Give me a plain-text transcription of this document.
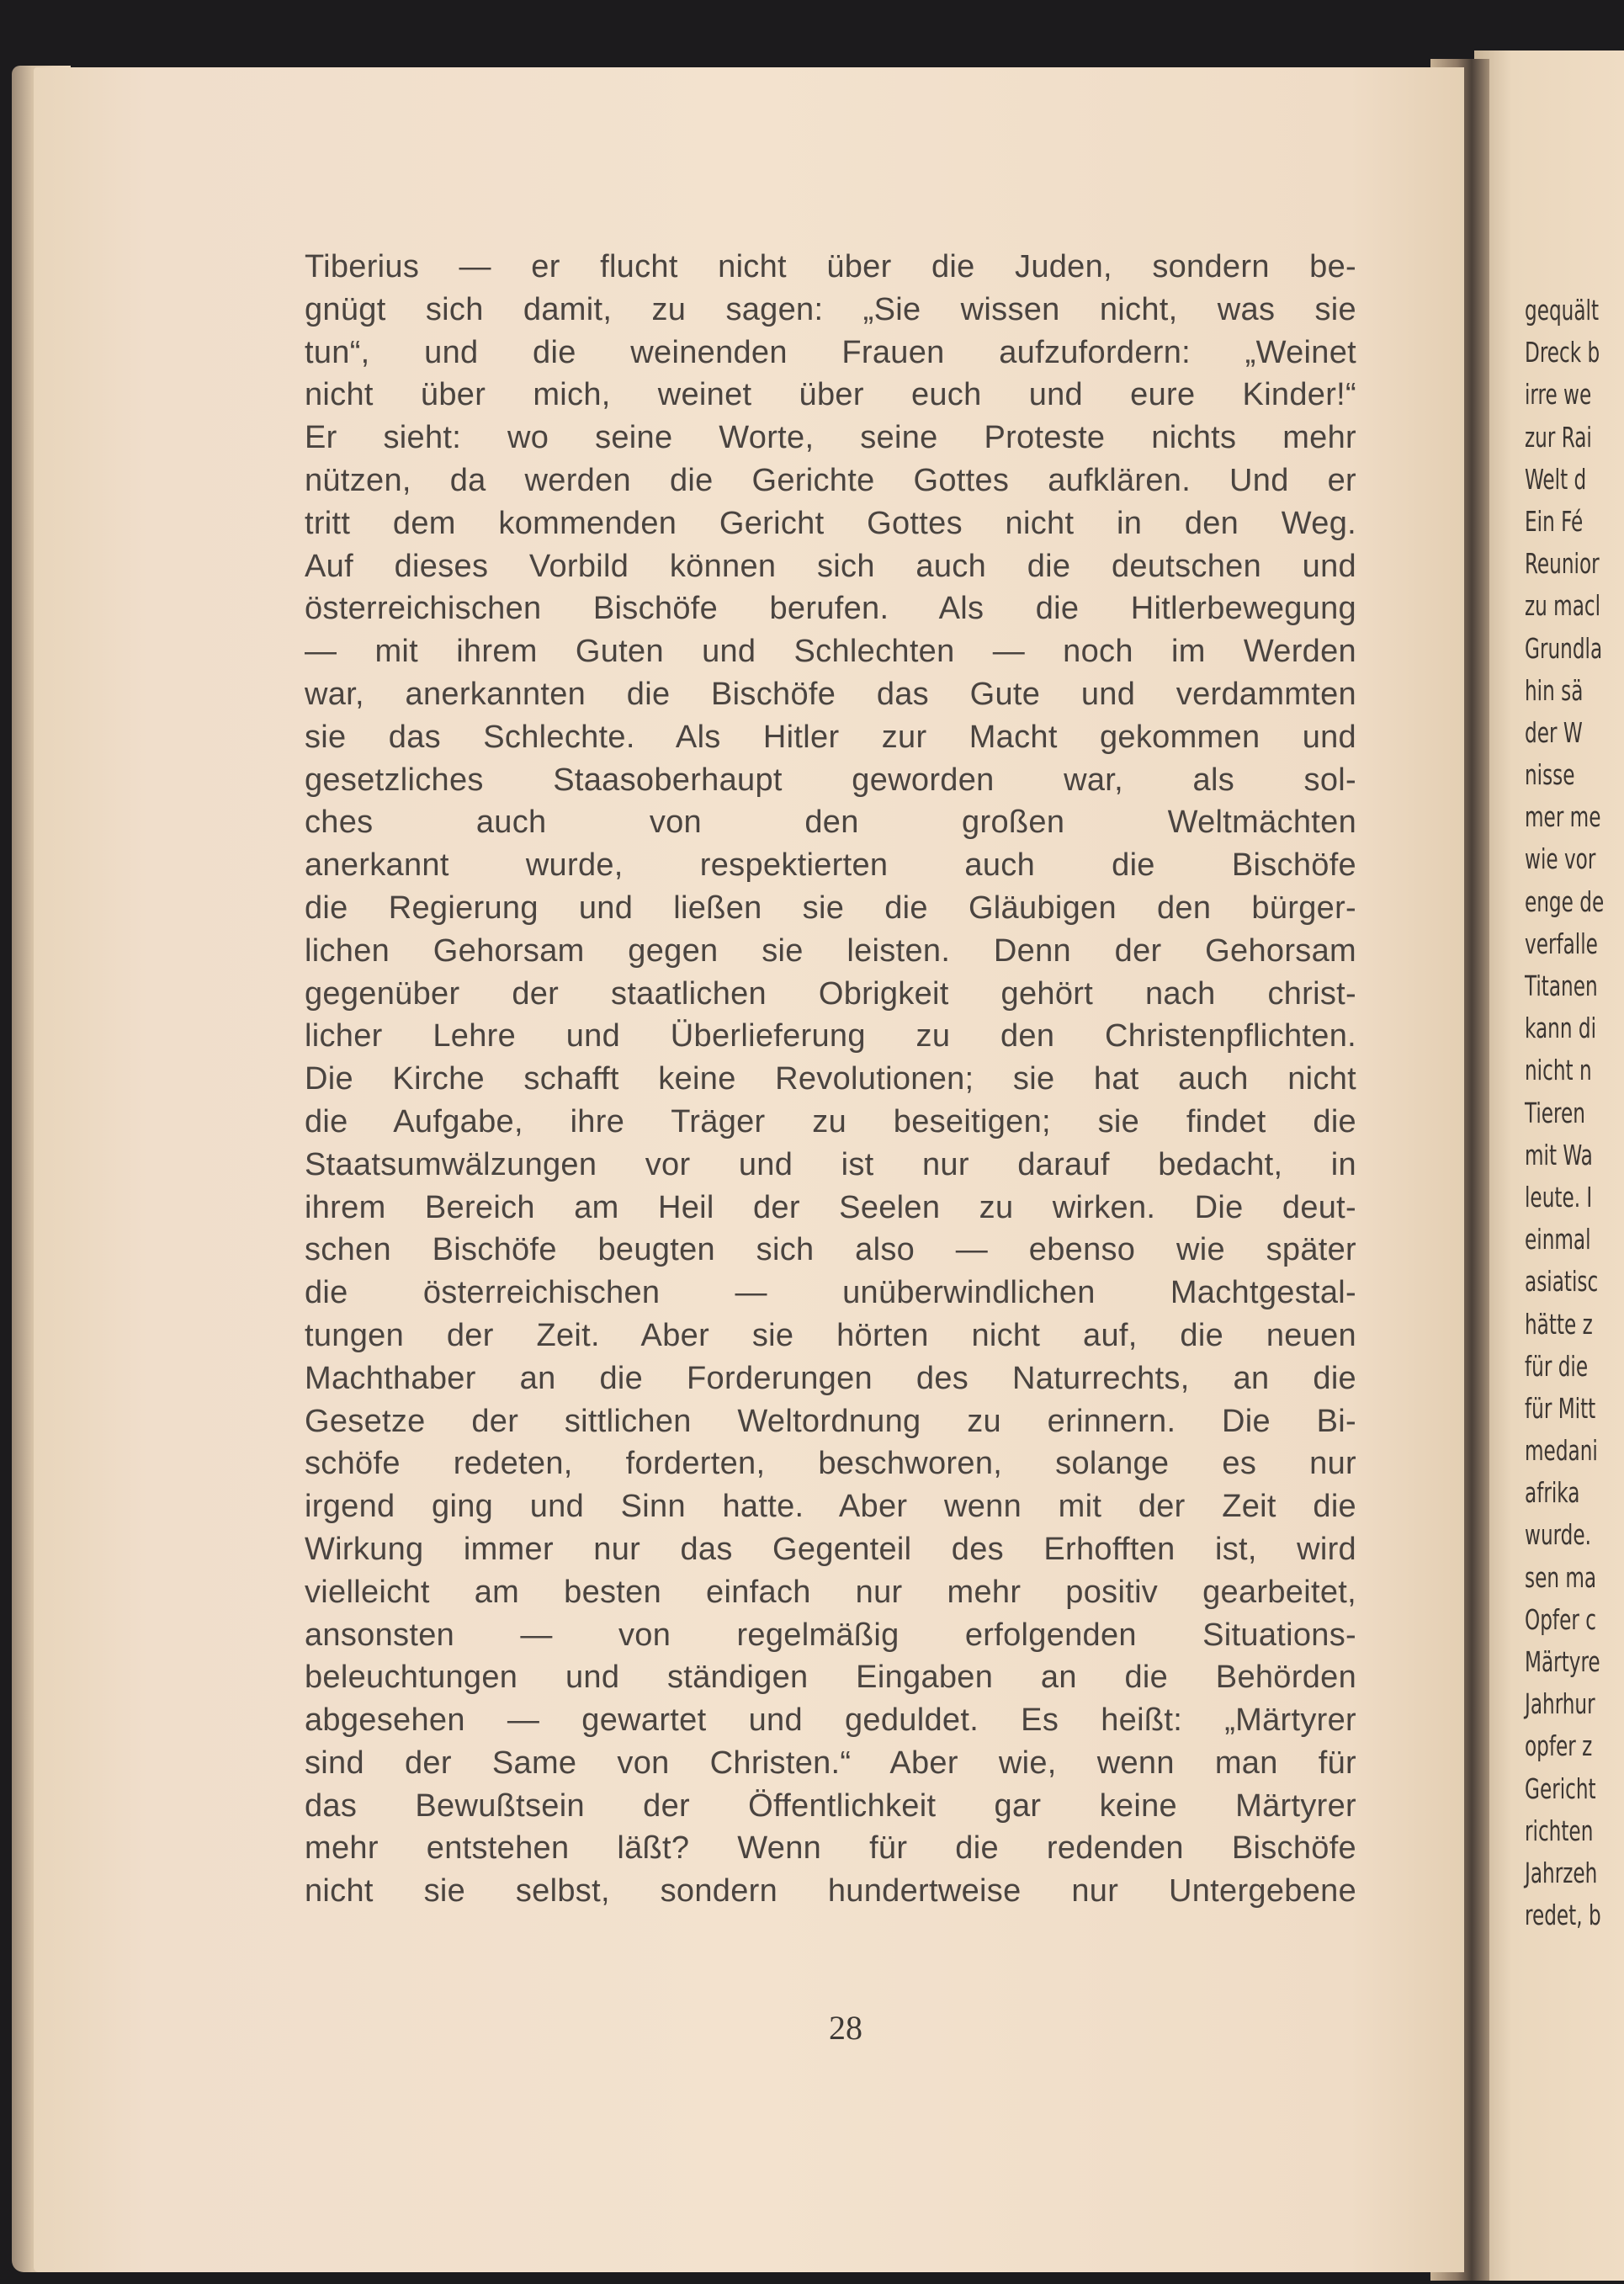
gequält
Dreck b
irre we
zur Rai
Welt d
Ein Fé
Reunior
zu macl
Grundla
hin sä
der W
nisse
mer me
wie vor
enge de
verfalle
Titanen
kann di
nicht n
Tieren
mit Wa
leute. I
einmal
asiatisc
hätte z
für die
für Mitt
medani
afrika
wurde.
sen ma
Opfer c
Märtyre
Jahrhur
opfer z
Gericht
richten
Jahrzeh
redet, b
Tiberius — er flucht nicht über die Juden, sondern be-
gnügt sich damit, zu sagen: „Sie wissen nicht, was sie
tun“, und die weinenden Frauen aufzufordern: „Weinet
nicht über mich, weinet über euch und eure Kinder!“
Er sieht: wo seine Worte, seine Proteste nichts mehr
nützen, da werden die Gerichte Gottes aufklären. Und er
tritt dem kommenden Gericht Gottes nicht in den Weg.
Auf dieses Vorbild können sich auch die deutschen und
österreichischen Bischöfe berufen. Als die Hitlerbewegung
— mit ihrem Guten und Schlechten — noch im Werden
war, anerkannten die Bischöfe das Gute und verdammten
sie das Schlechte. Als Hitler zur Macht gekommen und
gesetzliches Staasoberhaupt geworden war, als sol-
ches auch von den großen Weltmächten
anerkannt wurde, respektierten auch die Bischöfe
die Regierung und ließen sie die Gläubigen den bürger-
lichen Gehorsam gegen sie leisten. Denn der Gehorsam
gegenüber der staatlichen Obrigkeit gehört nach christ-
licher Lehre und Überlieferung zu den Christenpflichten.
Die Kirche schafft keine Revolutionen; sie hat auch nicht
die Aufgabe, ihre Träger zu beseitigen; sie findet die
Staatsumwälzungen vor und ist nur darauf bedacht, in
ihrem Bereich am Heil der Seelen zu wirken. Die deut-
schen Bischöfe beugten sich also — ebenso wie später
die österreichischen — unüberwindlichen Machtgestal-
tungen der Zeit. Aber sie hörten nicht auf, die neuen
Machthaber an die Forderungen des Naturrechts, an die
Gesetze der sittlichen Weltordnung zu erinnern. Die Bi-
schöfe redeten, forderten, beschworen, solange es nur
irgend ging und Sinn hatte. Aber wenn mit der Zeit die
Wirkung immer nur das Gegenteil des Erhofften ist, wird
vielleicht am besten einfach nur mehr positiv gearbeitet,
ansonsten — von regelmäßig erfolgenden Situations-
beleuchtungen und ständigen Eingaben an die Behörden
abgesehen — gewartet und geduldet. Es heißt: „Märtyrer
sind der Same von Christen.“ Aber wie, wenn man für
das Bewußtsein der Öffentlichkeit gar keine Märtyrer
mehr entstehen läßt? Wenn für die redenden Bischöfe
nicht sie selbst, sondern hundertweise nur Untergebene
28
